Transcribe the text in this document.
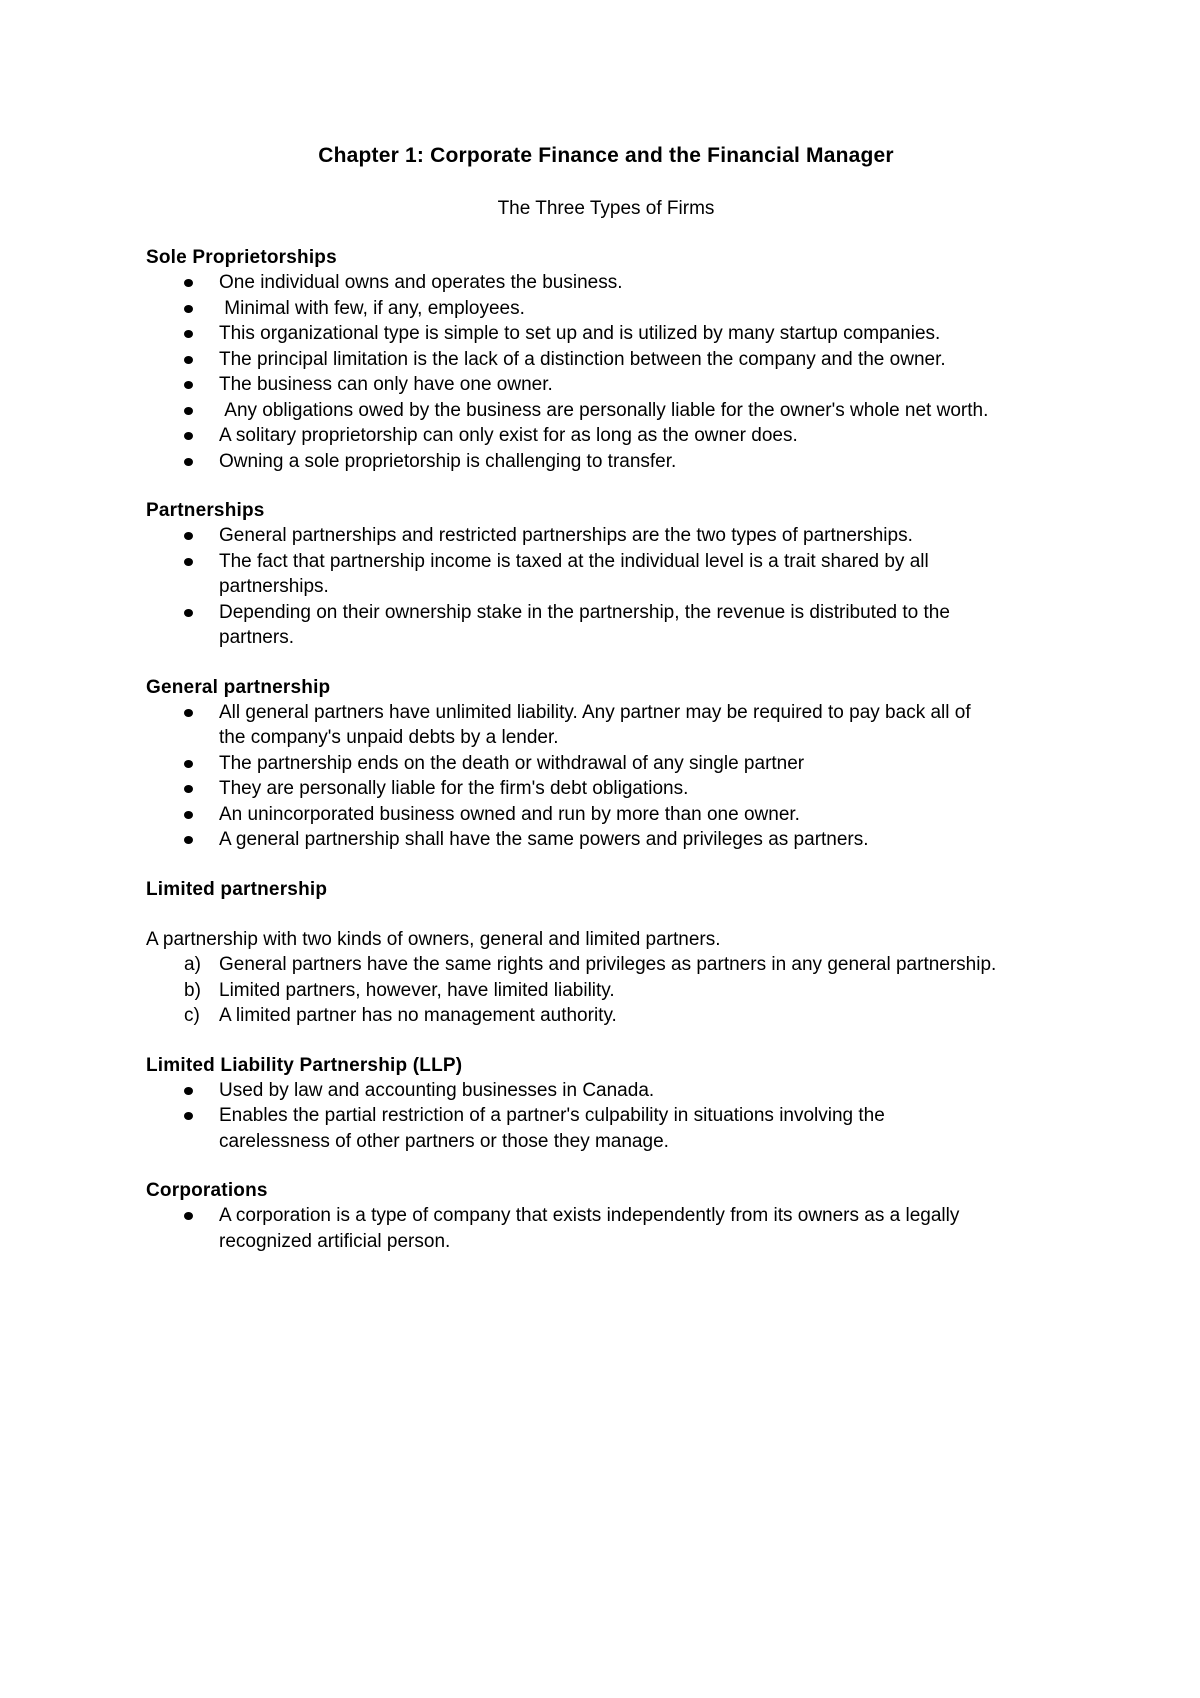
Chapter 1: Corporate Finance and the Financial Manager

The Three Types of Firms

Sole Proprietorships
One individual owns and operates the business.
Minimal with few, if any, employees.
This organizational type is simple to set up and is utilized by many startup companies.
The principal limitation is the lack of a distinction between the company and the owner.
The business can only have one owner.
Any obligations owed by the business are personally liable for the owner's whole net worth.
A solitary proprietorship can only exist for as long as the owner does.
Owning a sole proprietorship is challenging to transfer.
Partnerships
General partnerships and restricted partnerships are the two types of partnerships.
The fact that partnership income is taxed at the individual level is a trait shared by all partnerships.
Depending on their ownership stake in the partnership, the revenue is distributed to the partners.
General partnership
All general partners have unlimited liability. Any partner may be required to pay back all of the company's unpaid debts by a lender.
The partnership ends on the death or withdrawal of any single partner
They are personally liable for the firm's debt obligations.
An unincorporated business owned and run by more than one owner.
A general partnership shall have the same powers and privileges as partners.
Limited partnership

A partnership with two kinds of owners, general and limited partners.

a) General partners have the same rights and privileges as partners in any general partnership.
b) Limited partners, however, have limited liability.
c) A limited partner has no management authority.
Limited Liability Partnership (LLP)
Used by law and accounting businesses in Canada.
Enables the partial restriction of a partner's culpability in situations involving the carelessness of other partners or those they manage.
Corporations
A corporation is a type of company that exists independently from its owners as a legally recognized artificial person.
